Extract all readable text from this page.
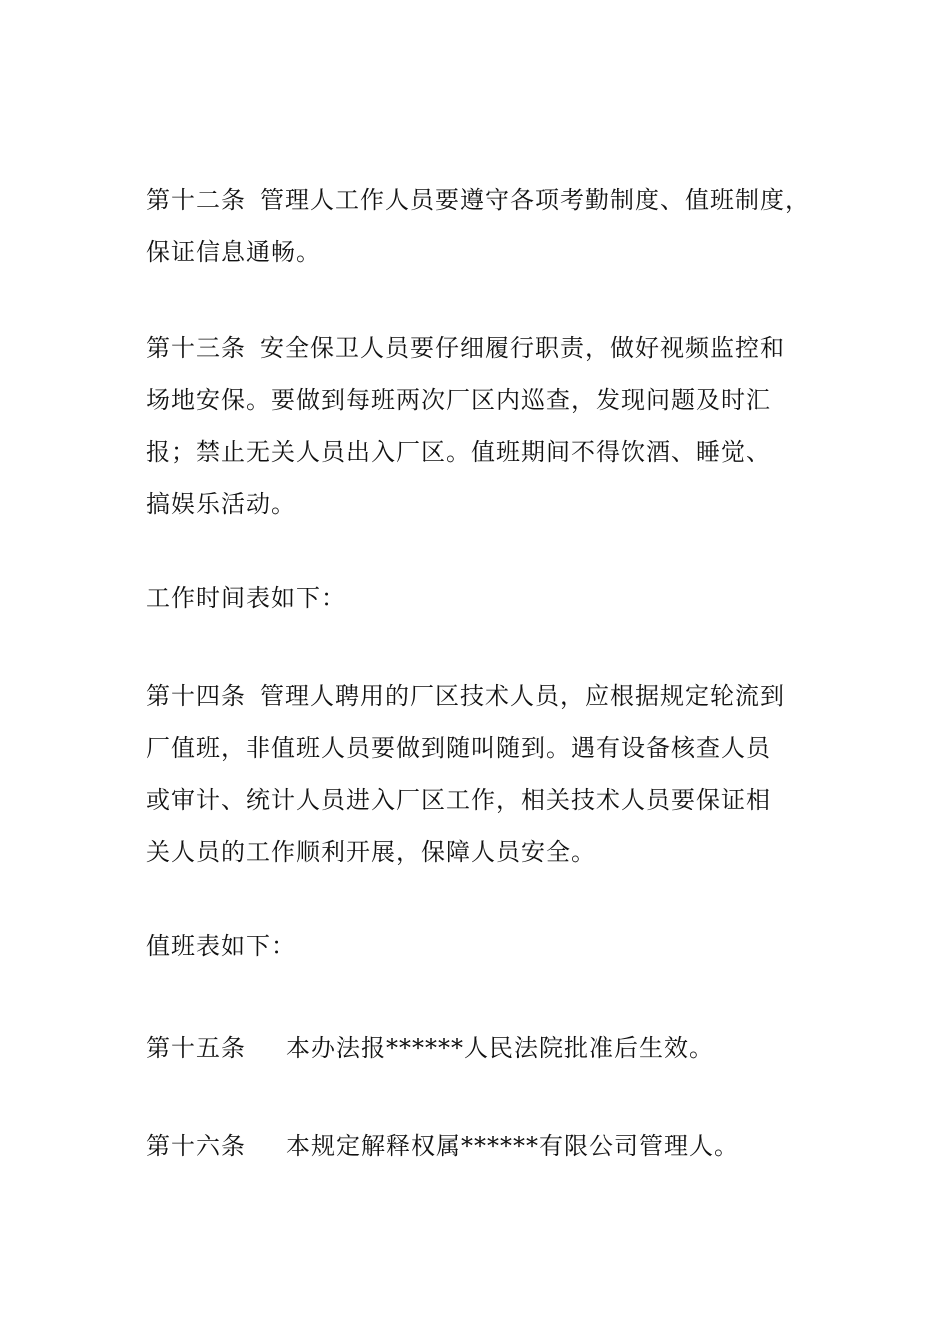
第十二条 管理人工作人员要遵守各项考勤制度、值班制度，
保证信息通畅。

第十三条 安全保卫人员要仔细履行职责，做好视频监控和
场地安保。要做到每班两次厂区内巡查，发现问题及时汇
报；禁止无关人员出入厂区。值班期间不得饮酒、睡觉、
搞娱乐活动。

工作时间表如下：

第十四条 管理人聘用的厂区技术人员，应根据规定轮流到
厂值班，非值班人员要做到随叫随到。遇有设备核查人员
或审计、统计人员进入厂区工作，相关技术人员要保证相
关人员的工作顺利开展，保障人员安全。

值班表如下：

第十五条 本办法报******人民法院批准后生效。

第十六条 本规定解释权属******有限公司管理人。
